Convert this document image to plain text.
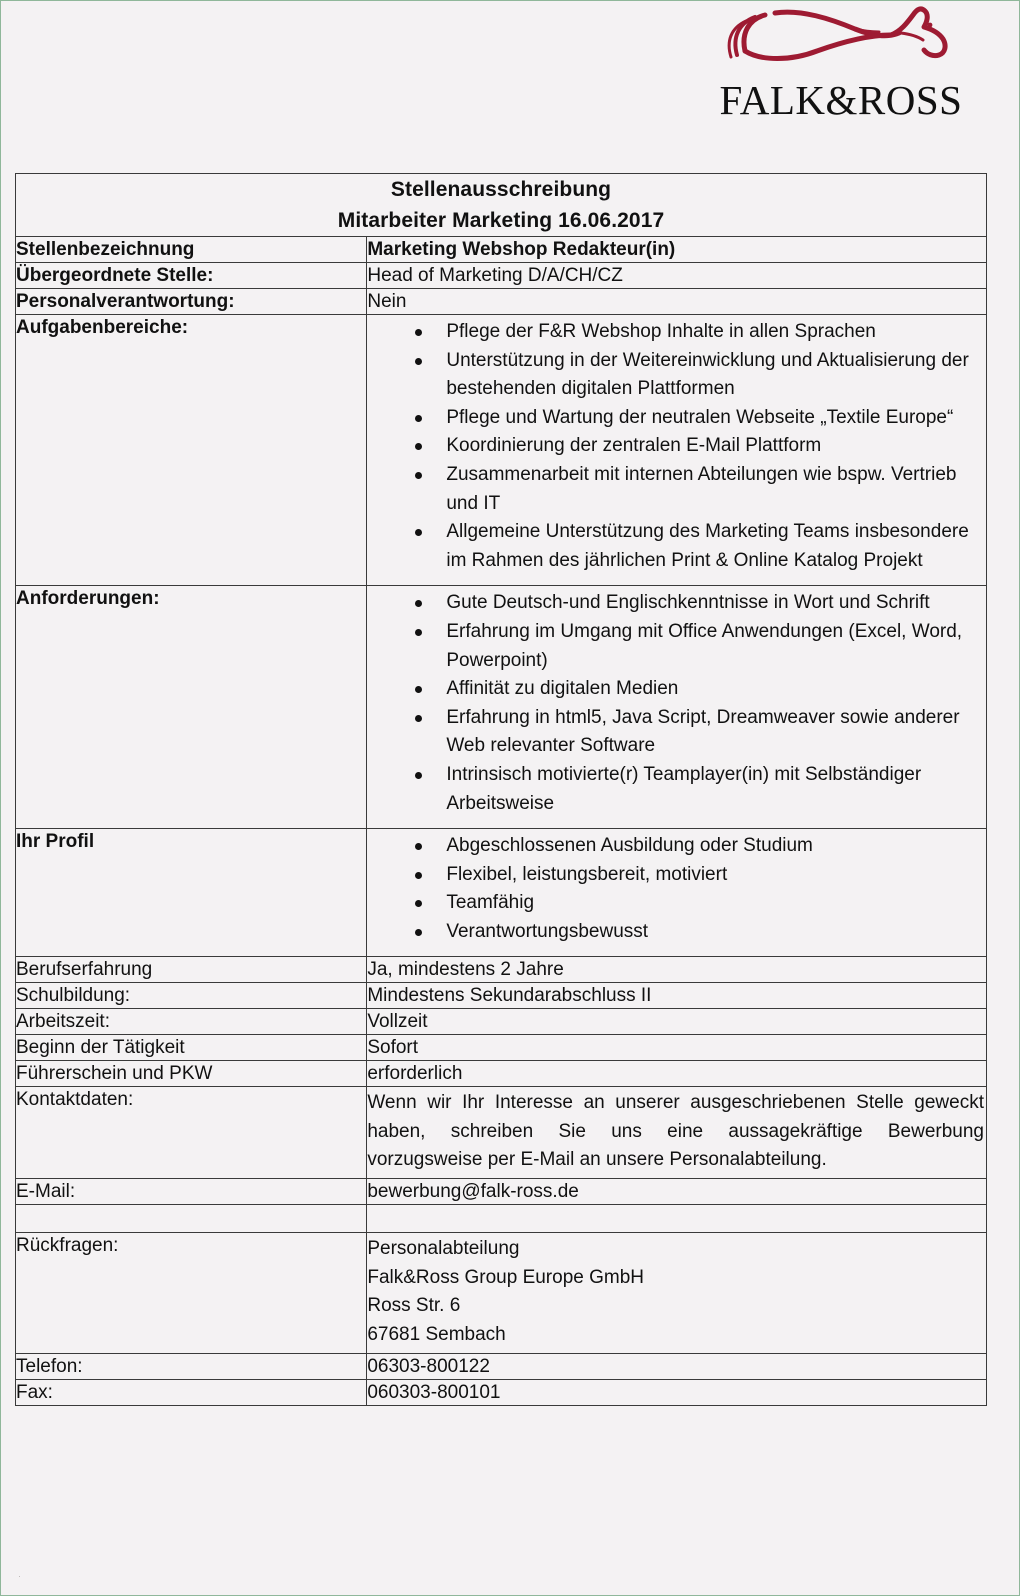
FALK&ROSS
Stellenausschreibung
Mitarbeiter Marketing 16.06.2017	

Stellenbezeichnung	Marketing Webshop Redakteur(in)
Übergeordnete Stelle:	Head of Marketing D/A/CH/CZ
Personalverantwortung:	Nein
Aufgabenbereiche:	Pflege der F&R Webshop Inhalte in allen Sprachen
Unterstützung in der Weitereinwicklung und Aktualisierung der bestehenden digitalen Plattformen
Pflege und Wartung der neutralen Webseite „Textile Europe“
Koordinierung der zentralen E-Mail Plattform
Zusammenarbeit mit internen Abteilungen wie bspw. Vertrieb und IT
Allgemeine Unterstützung des Marketing Teams insbesondere im Rahmen des jährlichen Print & Online Katalog Projekt

Anforderungen:	Gute Deutsch-und Englischkenntnisse in Wort und Schrift
Erfahrung im Umgang mit Office Anwendungen (Excel, Word, Powerpoint)
Affinität zu digitalen Medien
Erfahrung in html5, Java Script, Dreamweaver sowie anderer Web relevanter Software
Intrinsisch motivierte(r) Teamplayer(in) mit Selbständiger Arbeitsweise

Ihr Profil	Abgeschlossenen Ausbildung oder Studium
Flexibel, leistungsbereit, motiviert
Teamfähig
Verantwortungsbewusst

Berufserfahrung	Ja, mindestens 2 Jahre
Schulbildung:	Mindestens Sekundarabschluss II
Arbeitszeit:	Vollzeit
Beginn der Tätigkeit	Sofort
Führerschein und PKW	erforderlich
Kontaktdaten:	Wenn wir Ihr Interesse an unserer ausgeschriebenen Stelle geweckt haben, schreiben Sie uns eine aussagekräftige Bewerbung vorzugsweise per E-Mail an unsere Personalabteilung.

E-Mail:	bewerbung@falk-ross.de

Rückfragen:	Personalabteilung
Falk&Ross Group Europe GmbH
Ross Str. 6
67681 Sembach

Telefon:	06303-800122
Fax:	060303-800101
·
